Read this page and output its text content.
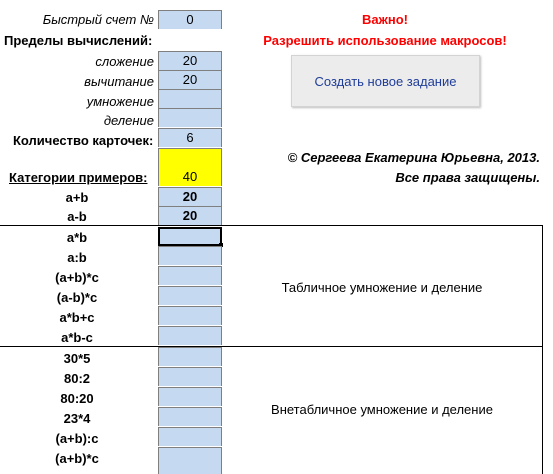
Быстрый счет №	0
Пределы вычислений:
сложение	20
вычитание	20
умножение
деление
Количество карточек:	6
Категории примеров:	40
a+b	20
a-b	20
a*b
a:b
(a+b)*c
(a-b)*c
a*b+c
a*b-c
Табличное умножение и деление
30*5
80:2
80:20
23*4
(a+b):c
(a+b)*c
Внетабличное умножение и деление
Важно!
Разрешить использование макросов!
Создать новое задание
© Сергеева Екатерина Юрьевна, 2013.
Все права защищены.
